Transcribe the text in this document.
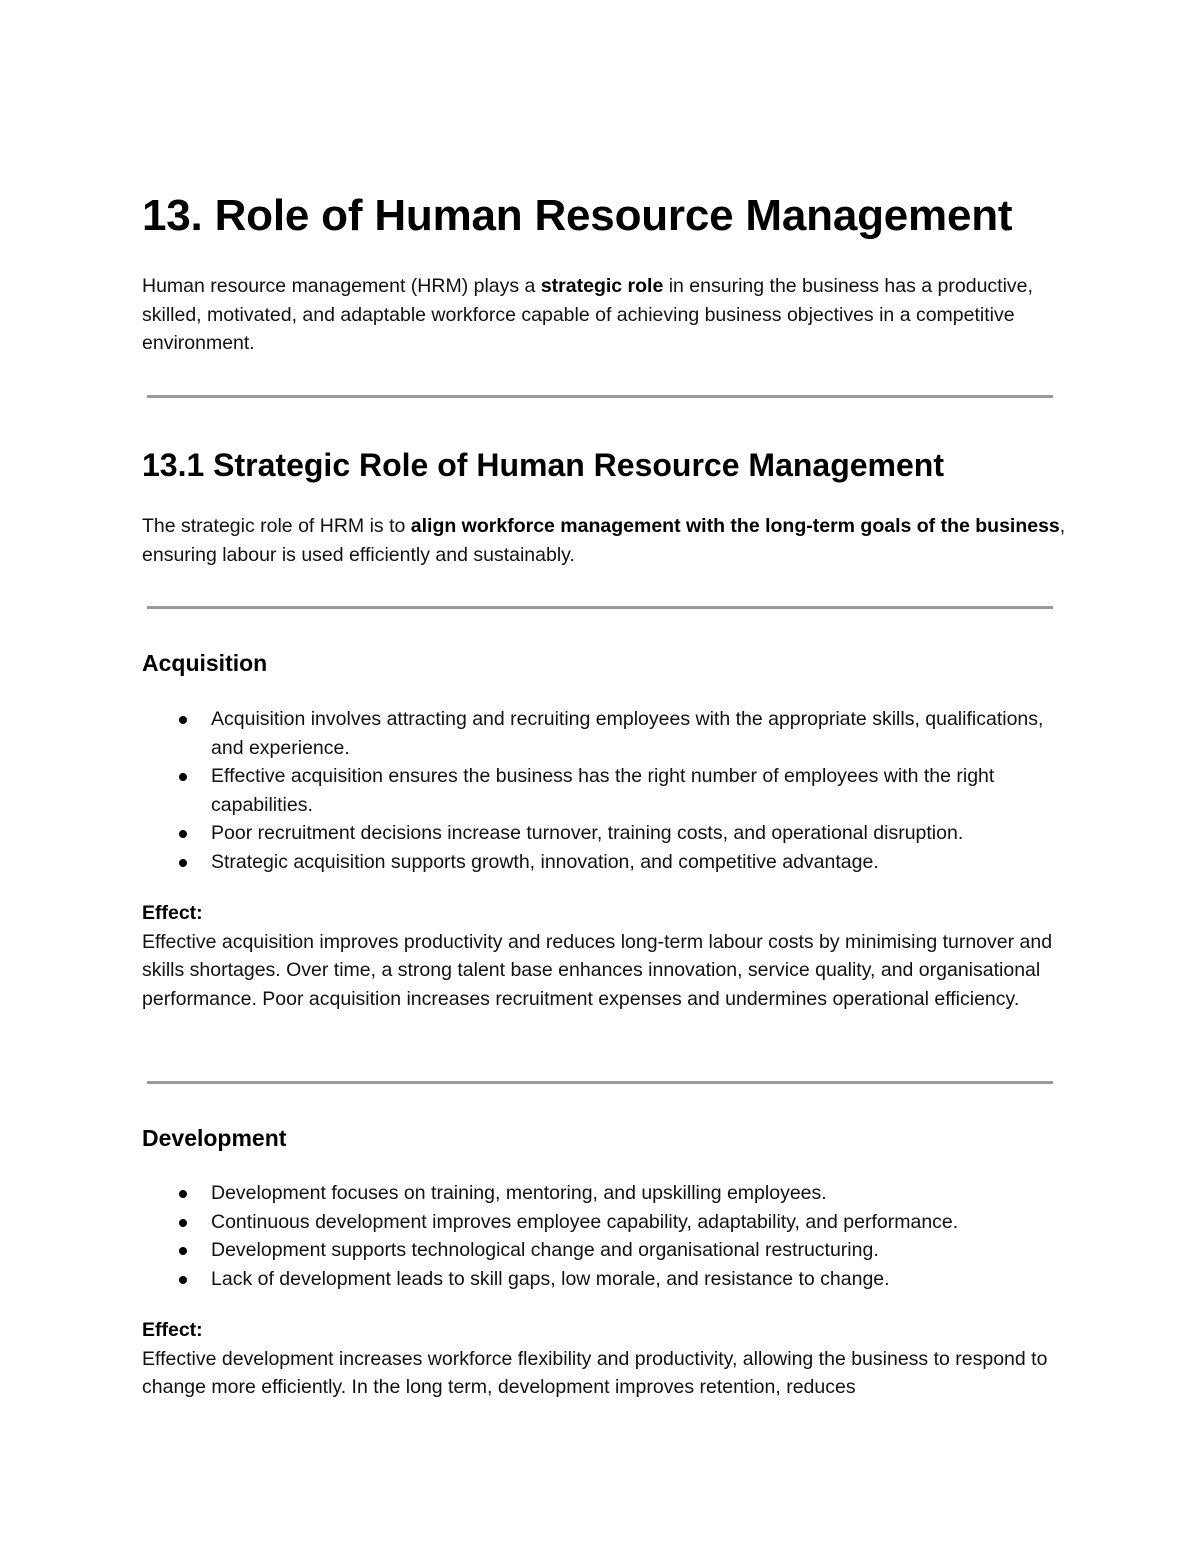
13. Role of Human Resource Management

Human resource management (HRM) plays a strategic role in ensuring the business has a productive, skilled, motivated, and adaptable workforce capable of achieving business objectives in a competitive environment.

13.1 Strategic Role of Human Resource Management

The strategic role of HRM is to align workforce management with the long-term goals of the business, ensuring labour is used efficiently and sustainably.

Acquisition
Acquisition involves attracting and recruiting employees with the appropriate skills, qualifications, and experience.
Effective acquisition ensures the business has the right number of employees with the right capabilities.
Poor recruitment decisions increase turnover, training costs, and operational disruption.
Strategic acquisition supports growth, innovation, and competitive advantage.

Effect:
Effective acquisition improves productivity and reduces long-term labour costs by minimising turnover and skills shortages. Over time, a strong talent base enhances innovation, service quality, and organisational performance. Poor acquisition increases recruitment expenses and undermines operational efficiency.

Development
Development focuses on training, mentoring, and upskilling employees.
Continuous development improves employee capability, adaptability, and performance.
Development supports technological change and organisational restructuring.
Lack of development leads to skill gaps, low morale, and resistance to change.

Effect:
Effective development increases workforce flexibility and productivity, allowing the business to respond to change more efficiently. In the long term, development improves retention, reduces
